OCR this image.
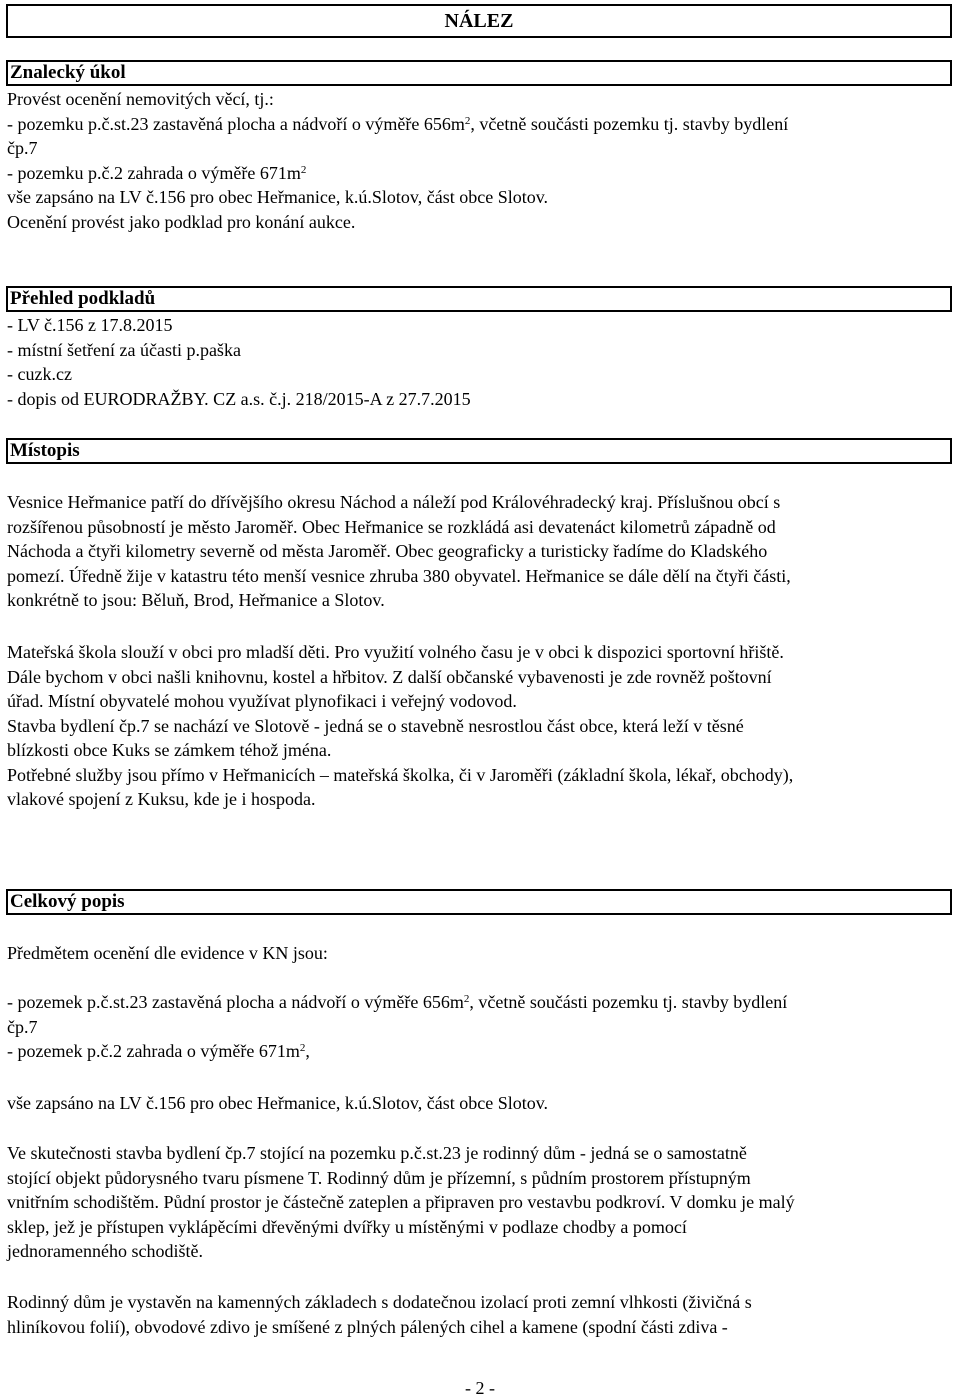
NÁLEZ
Znalecký úkol
Provést ocenění nemovitých věcí, tj.:
- pozemku p.č.st.23 zastavěná plocha a nádvoří o výměře $656m^2$, včetně součásti pozemku tj. stavby bydlení
čp.7
- pozemku p.č.2 zahrada o výměře $671m^2$
vše zapsáno na LV č.156 pro obec Heřmanice, k.ú.Slotov, část obce Slotov.
Ocenění provést jako podklad pro konání aukce.
Přehled podkladů
- LV č.156 z 17.8.2015
- místní šetření za účasti p.paška
- cuzk.cz
- dopis od EURODRAŽBY. CZ a.s. č.j. 218/2015-A z 27.7.2015
Místopis
Vesnice Heřmanice patří do dřívějšího okresu Náchod a náleží pod Královéhradecký kraj. Příslušnou obcí s
rozšířenou působností je město Jaroměř. Obec Heřmanice se rozkládá asi devatenáct kilometrů západně od
Náchoda a čtyři kilometry severně od města Jaroměř. Obec geograficky a turisticky řadíme do Kladského
pomezí. Úředně žije v katastru této menší vesnice zhruba 380 obyvatel. Heřmanice se dále dělí na čtyři části,
konkrétně to jsou: Běluň, Brod, Heřmanice a Slotov.
Mateřská škola slouží v obci pro mladší děti. Pro využití volného času je v obci k dispozici sportovní hřiště.
Dále bychom v obci našli knihovnu, kostel a hřbitov. Z další občanské vybavenosti je zde rovněž poštovní
úřad. Místní obyvatelé mohou využívat plynofikaci i veřejný vodovod.
Stavba bydlení čp.7 se nachází ve Slotově - jedná se o stavebně nesrostlou část obce, která leží v těsné
blízkosti obce Kuks se zámkem téhož jména.
Potřebné služby jsou přímo v Heřmanicích – mateřská školka, či v Jaroměři (základní škola, lékař, obchody),
vlakové spojení z Kuksu, kde je i hospoda.
Celkový popis
Předmětem ocenění dle evidence v KN jsou:
- pozemek p.č.st.23 zastavěná plocha a nádvoří o výměře $656m^2$, včetně součásti pozemku tj. stavby bydlení
čp.7
- pozemek p.č.2 zahrada o výměře $671m^2$,
vše zapsáno na LV č.156 pro obec Heřmanice, k.ú.Slotov, část obce Slotov.
Ve skutečnosti stavba bydlení čp.7 stojící na pozemku p.č.st.23 je rodinný dům - jedná se o samostatně
stojící objekt půdorysného tvaru písmene T. Rodinný dům je přízemní, s půdním prostorem přístupným
vnitřním schodištěm. Půdní prostor je částečně zateplen a připraven pro vestavbu podkroví. V domku je malý
sklep, jež je přístupen vyklápěcími dřevěnými dvířky u místěnými v podlaze chodby a pomocí
jednoramenného schodiště.
Rodinný dům je vystavěn na kamenných základech s dodatečnou izolací proti zemní vlhkosti (živičná s
hliníkovou folií), obvodové zdivo je smíšené z plných pálených cihel a kamene (spodní části zdiva -
- 2 -
